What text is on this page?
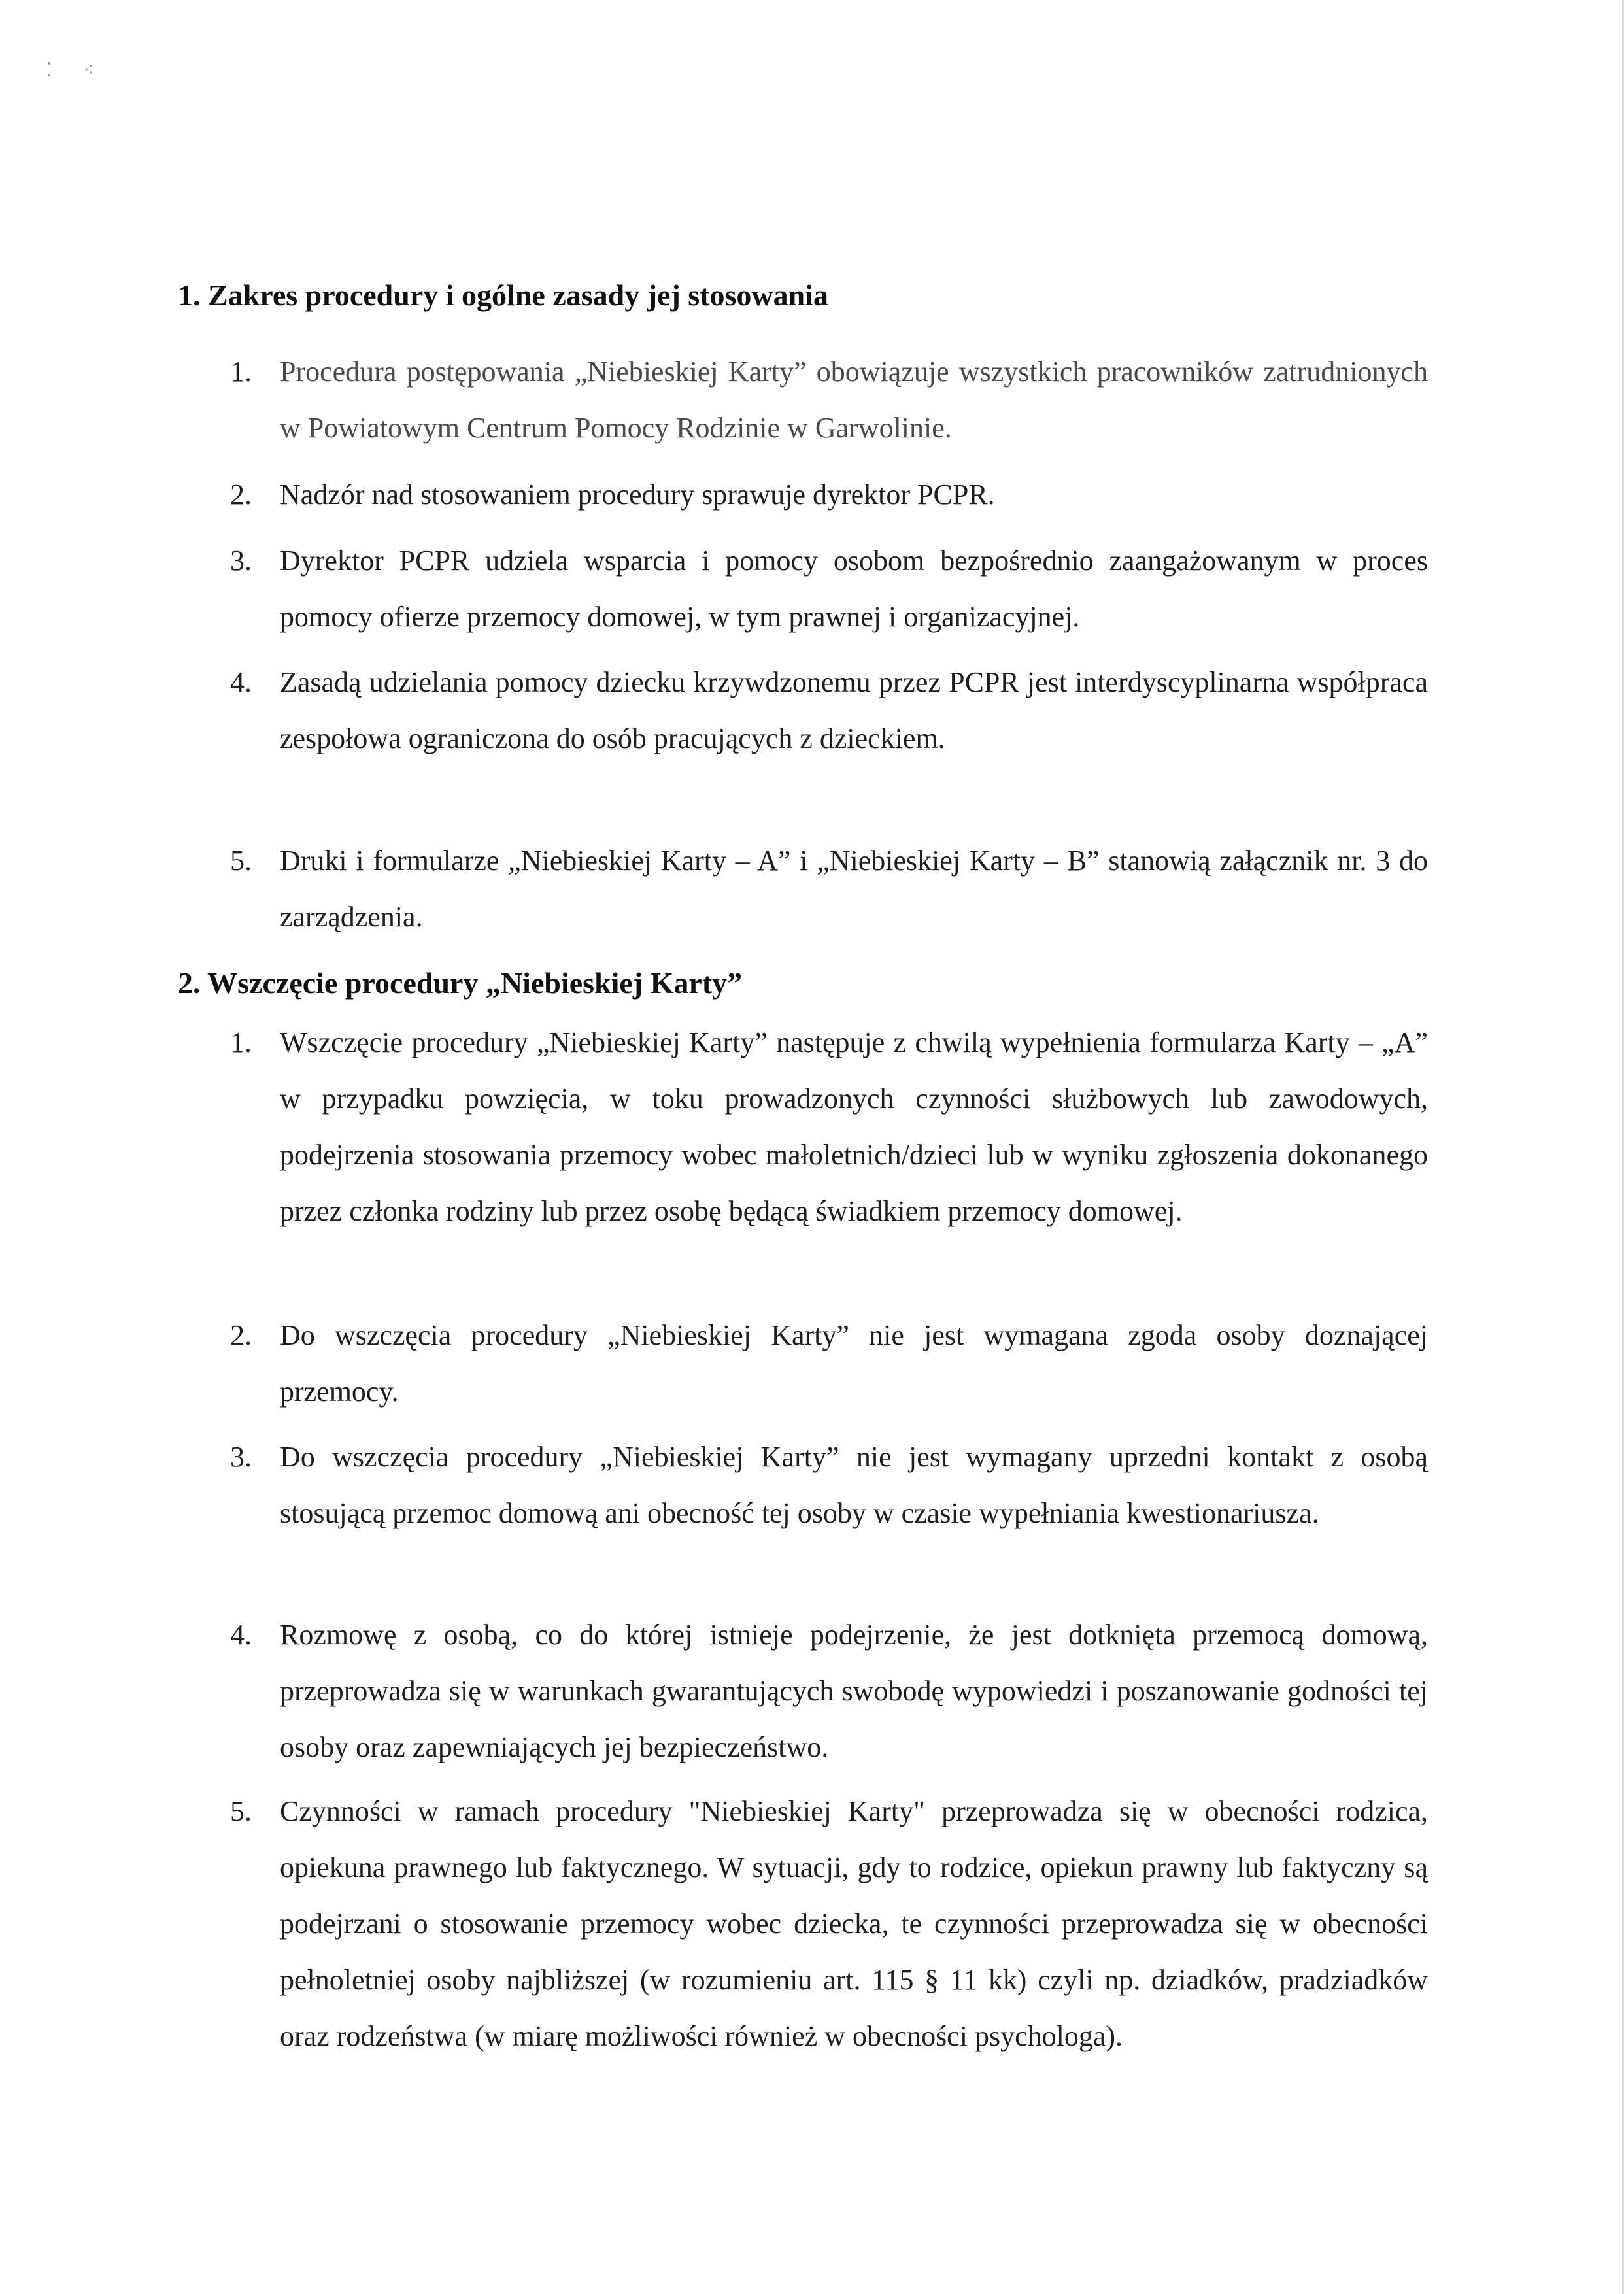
⁚ ⁖
1. Zakres procedury i ogólne zasady jej stosowania
1. Procedura postępowania „Niebieskiej Karty” obowiązuje wszystkich pracowników zatrudnionych w Powiatowym Centrum Pomocy Rodzinie w Garwolinie.

2. Nadzór nad stosowaniem procedury sprawuje dyrektor PCPR.

3. Dyrektor PCPR udziela wsparcia i pomocy osobom bezpośrednio zaangażowanym w proces pomocy ofierze przemocy domowej, w tym prawnej i organizacyjnej.

4. Zasadą udzielania pomocy dziecku krzywdzonemu przez PCPR jest interdyscyplinarna współpraca zespołowa ograniczona do osób pracujących z dzieckiem.

5. Druki i formularze „Niebieskiej Karty – A” i „Niebieskiej Karty – B” stanowią załącznik nr. 3 do zarządzenia.

2. Wszczęcie procedury „Niebieskiej Karty”
1. Wszczęcie procedury „Niebieskiej Karty” następuje z chwilą wypełnienia formularza Karty – „A” w przypadku powzięcia, w toku prowadzonych czynności służbowych lub zawodowych, podejrzenia stosowania przemocy wobec małoletnich/dzieci lub w wyniku zgłoszenia dokonanego przez członka rodziny lub przez osobę będącą świadkiem przemocy domowej.

2. Do wszczęcia procedury „Niebieskiej Karty” nie jest wymagana zgoda osoby doznającej przemocy.

3. Do wszczęcia procedury „Niebieskiej Karty” nie jest wymagany uprzedni kontakt z osobą stosującą przemoc domową ani obecność tej osoby w czasie wypełniania kwestionariusza.

4. Rozmowę z osobą, co do której istnieje podejrzenie, że jest dotknięta przemocą domową, przeprowadza się w warunkach gwarantujących swobodę wypowiedzi i poszanowanie godności tej osoby oraz zapewniających jej bezpieczeństwo.

5. Czynności w ramach procedury "Niebieskiej Karty" przeprowadza się w obecności rodzica, opiekuna prawnego lub faktycznego. W sytuacji, gdy to rodzice, opiekun prawny lub faktyczny są podejrzani o stosowanie przemocy wobec dziecka, te czynności przeprowadza się w obecności pełnoletniej osoby najbliższej (w rozumieniu art. 115 § 11 kk) czyli np. dziadków, pradziadków oraz rodzeństwa (w miarę możliwości również w obecności psychologa).
